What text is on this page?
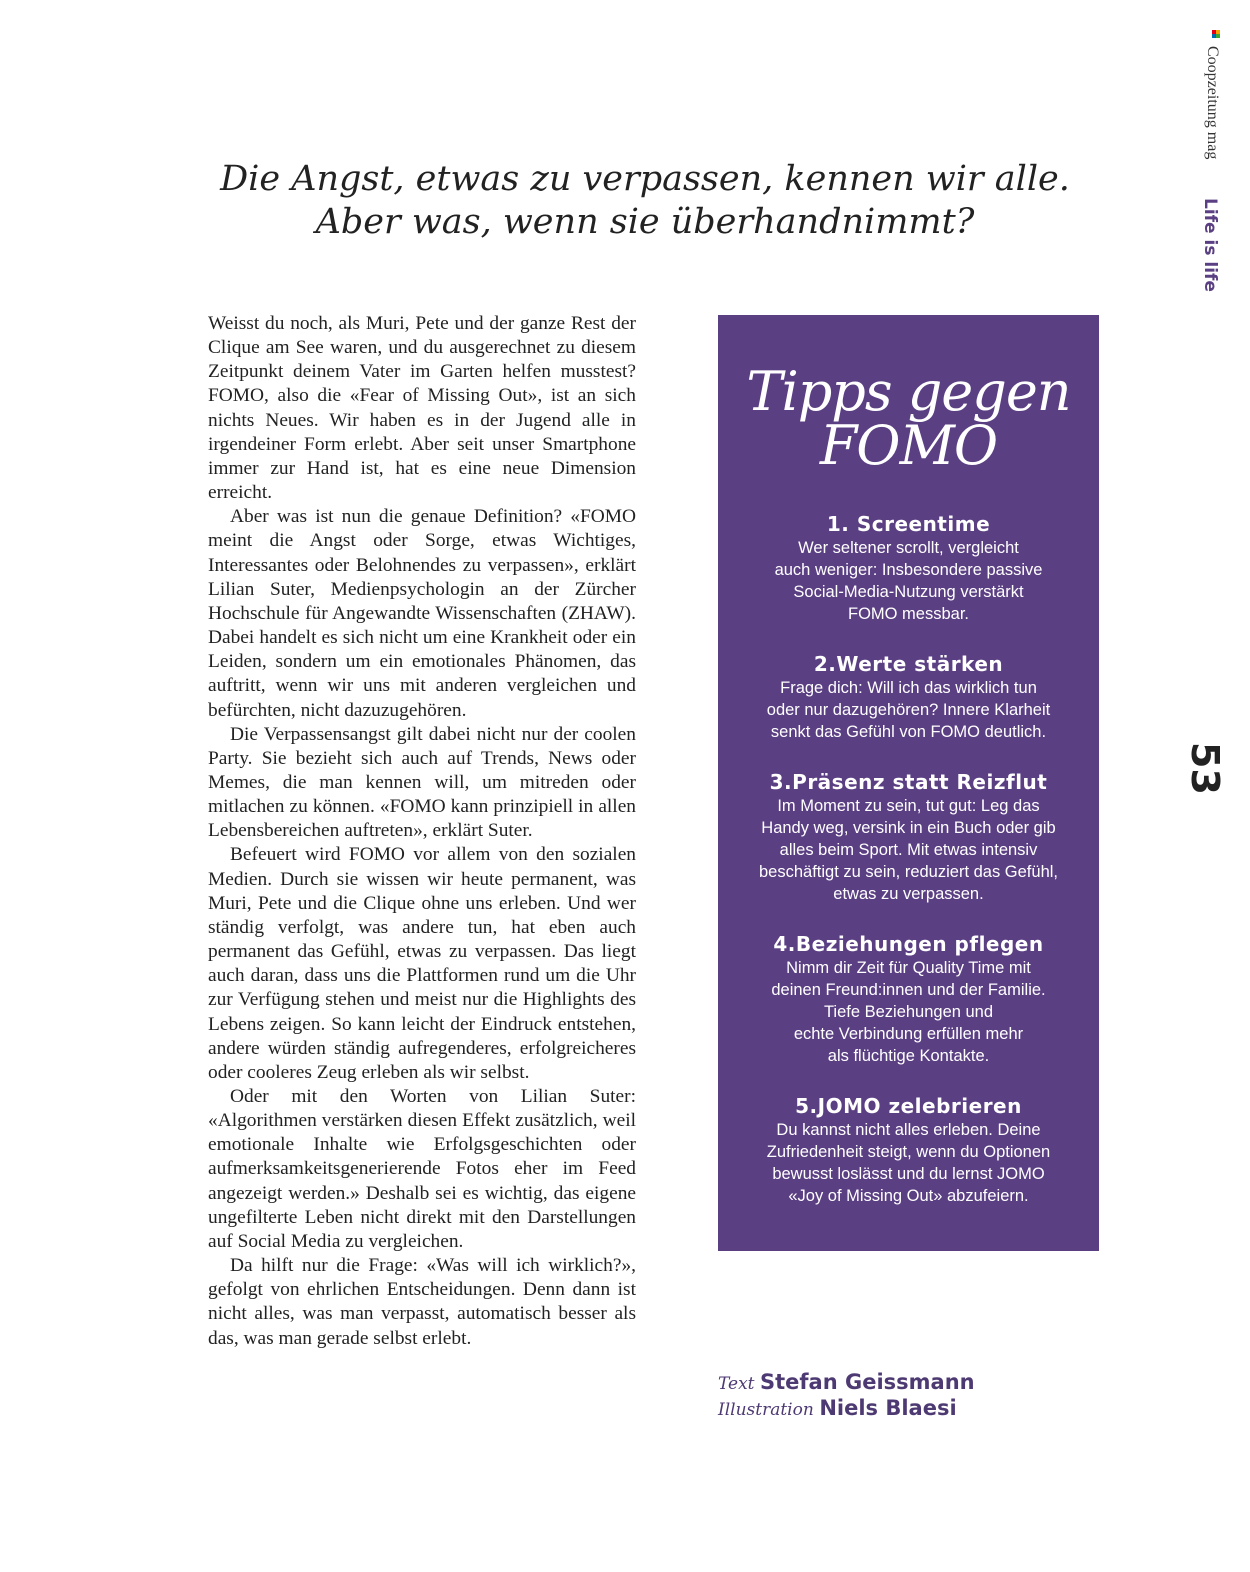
Coopzeitung mag
Life is life
53
Die Angst, etwas zu verpassen, kennen wir alle.
Aber was, wenn sie überhandnimmt?

Weisst du noch, als Muri, Pete und der ganze Rest der Clique am See waren, und du ausgerechnet zu diesem Zeitpunkt deinem Vater im Garten helfen musstest? FOMO, also die «Fear of Missing Out», ist an sich nichts Neues. Wir haben es in der Jugend alle in irgendeiner Form erlebt. Aber seit unser Smartphone immer zur Hand ist, hat es eine neue Dimension erreicht.

Aber was ist nun die genaue Definition? «FOMO meint die Angst oder Sorge, etwas Wichtiges, Interessantes oder Belohnendes zu verpassen», erklärt Lilian Suter, Medienpsychologin an der Zürcher Hochschule für Angewandte Wissenschaften (ZHAW). Dabei handelt es sich nicht um eine Krankheit oder ein Leiden, sondern um ein emotionales Phänomen, das auftritt, wenn wir uns mit anderen vergleichen und befürchten, nicht dazuzugehören.

Die Verpassensangst gilt dabei nicht nur der coolen Party. Sie bezieht sich auch auf Trends, News oder Memes, die man kennen will, um mitreden oder mitlachen zu können. «FOMO kann prinzipiell in allen Lebensbereichen auftreten», erklärt Suter.

Befeuert wird FOMO vor allem von den sozialen Medien. Durch sie wissen wir heute permanent, was Muri, Pete und die Clique ohne uns erleben. Und wer ständig verfolgt, was andere tun, hat eben auch permanent das Gefühl, etwas zu verpassen. Das liegt auch daran, dass uns die Plattformen rund um die Uhr zur Verfügung stehen und meist nur die Highlights des Lebens zeigen. So kann leicht der Eindruck entstehen, andere würden ständig aufregenderes, erfolgreicheres oder cooleres Zeug erleben als wir selbst.

Oder mit den Worten von Lilian Suter: «Algorithmen verstärken diesen Effekt zusätzlich, weil emotionale Inhalte wie Erfolgsgeschichten oder aufmerksamkeitsgenerierende Fotos eher im Feed angezeigt werden.» Deshalb sei es wichtig, das eigene ungefilterte Leben nicht direkt mit den Darstellungen auf Social Media zu vergleichen.

Da hilft nur die Frage: «Was will ich wirklich?», gefolgt von ehrlichen Entscheidungen. Denn dann ist nicht alles, was man verpasst, automatisch besser als das, was man gerade selbst erlebt.

Tipps gegen
FOMO
1. Screentime

Wer seltener scrollt, vergleicht
auch weniger: Insbesondere passive
Social-Media-Nutzung verstärkt
FOMO messbar.

2.Werte stärken

Frage dich: Will ich das wirklich tun
oder nur dazugehören? Innere Klarheit
senkt das Gefühl von FOMO deutlich.

3.Präsenz statt Reizflut

Im Moment zu sein, tut gut: Leg das
Handy weg, versink in ein Buch oder gib
alles beim Sport. Mit etwas intensiv
beschäftigt zu sein, reduziert das Gefühl,
etwas zu verpassen.

4.Beziehungen pflegen

Nimm dir Zeit für Quality Time mit
deinen Freund:innen und der Familie.
Tiefe Beziehungen und
echte Verbindung erfüllen mehr
als flüchtige Kontakte.

5.JOMO zelebrieren

Du kannst nicht alles erleben. Deine
Zufriedenheit steigt, wenn du Optionen
bewusst loslässt und du lernst JOMO
«Joy of Missing Out» abzufeiern.

Text Stefan Geissmann
Illustration Niels Blaesi
